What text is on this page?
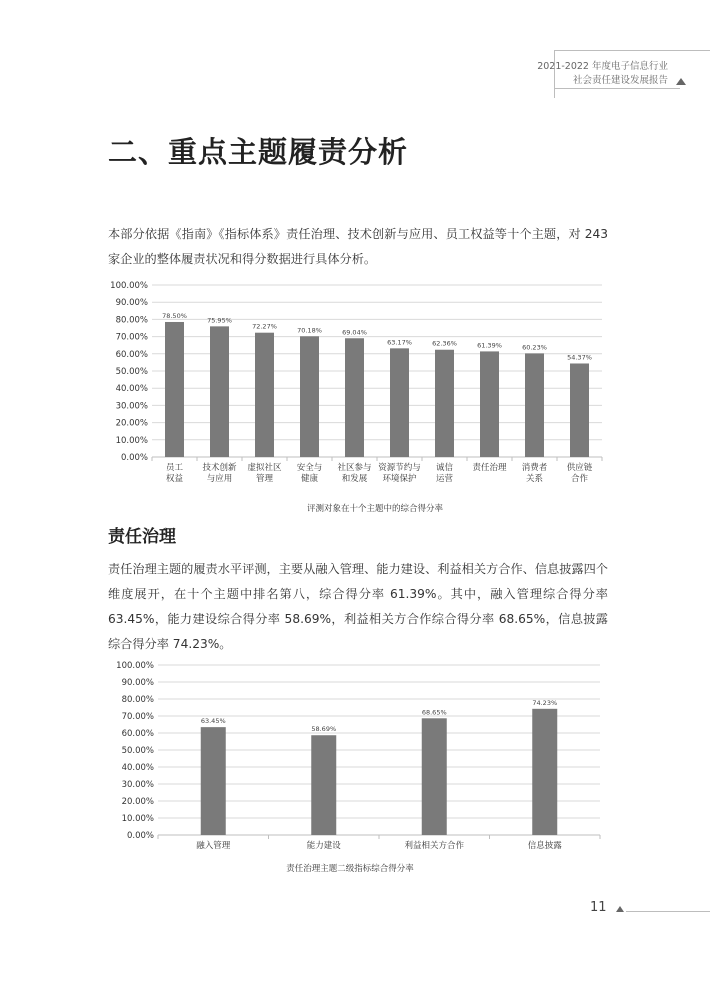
2021-2022 年度电子信息行业
社会责任建设发展报告
二、重点主题履责分析

本部分依据《指南》《指标体系》责任治理、技术创新与应用、员工权益等十个主题，对 243 家企业的整体履责状况和得分数据进行具体分析。

0.00%
10.00%
20.00%
30.00%
40.00%
50.00%
60.00%
70.00%
80.00%
90.00%
100.00%
78.50%
员工
权益
75.95%
技术创新
与应用
72.27%
虚拟社区
管理
70.18%
安全与
健康
69.04%
社区参与
和发展
63.17%
资源节约与
环境保护
62.36%
诚信
运营
61.39%
责任治理
60.23%
消费者
关系
54.37%
供应链
合作
评测对象在十个主题中的综合得分率
责任治理

责任治理主题的履责水平评测，主要从融入管理、能力建设、利益相关方合作、信息披露四个维度展开，在十个主题中排名第八，综合得分率 61.39%。其中，融入管理综合得分率 63.45%，能力建设综合得分率 58.69%，利益相关方合作综合得分率 68.65%，信息披露综合得分率 74.23%。

0.00%
10.00%
20.00%
30.00%
40.00%
50.00%
60.00%
70.00%
80.00%
90.00%
100.00%
63.45%
融入管理
58.69%
能力建设
68.65%
利益相关方合作
74.23%
信息披露
责任治理主题二级指标综合得分率
11
